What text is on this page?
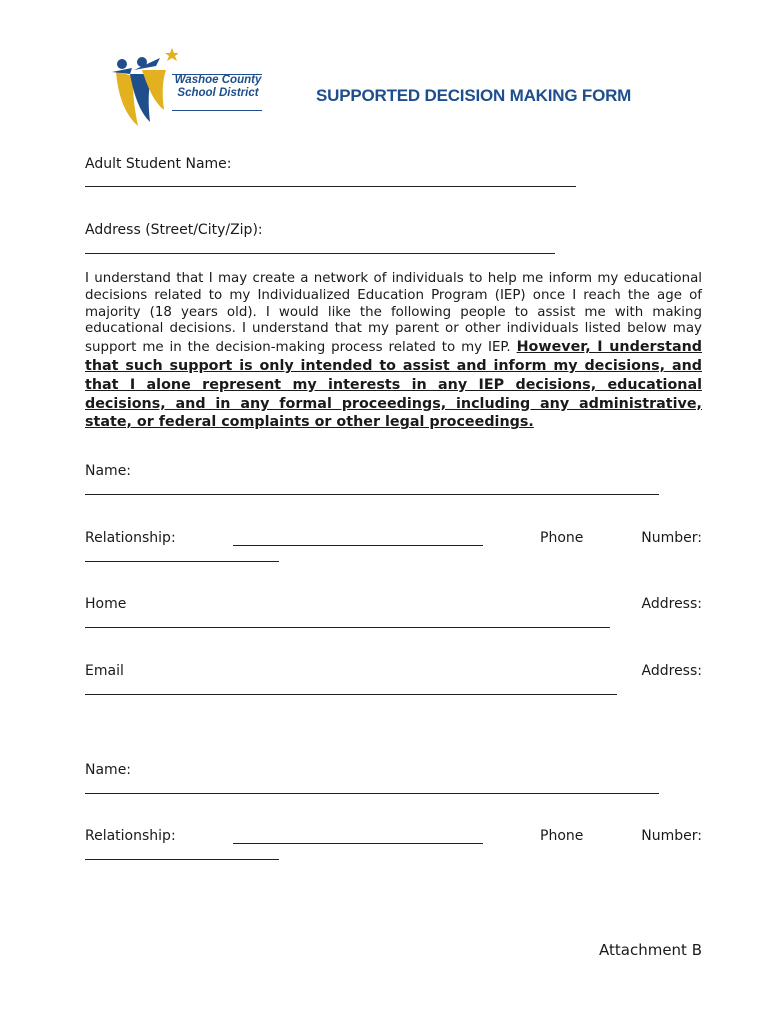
Washoe County
School District	SUPPORTED DECISION MAKING FORM
Adult Student Name:
Address (Street/City/Zip):
I understand that I may create a network of individuals to help me inform my educational decisions related to my Individualized Education Program (IEP) once I reach the age of majority (18 years old). I would like the following people to assist me with making educational decisions. I understand that my parent or other individuals listed below may support me in the decision-making process related to my IEP. However, I understand that such support is only intended to assist and inform my decisions, and that I alone represent my interests in any IEP decisions, educational decisions, and in any formal proceedings, including any administrative, state, or federal complaints or other legal proceedings.
Name:
Relationship:	Phone	Number:
Home	Address:
Email	Address:
Name:
Relationship:	Phone	Number:
Attachment B
